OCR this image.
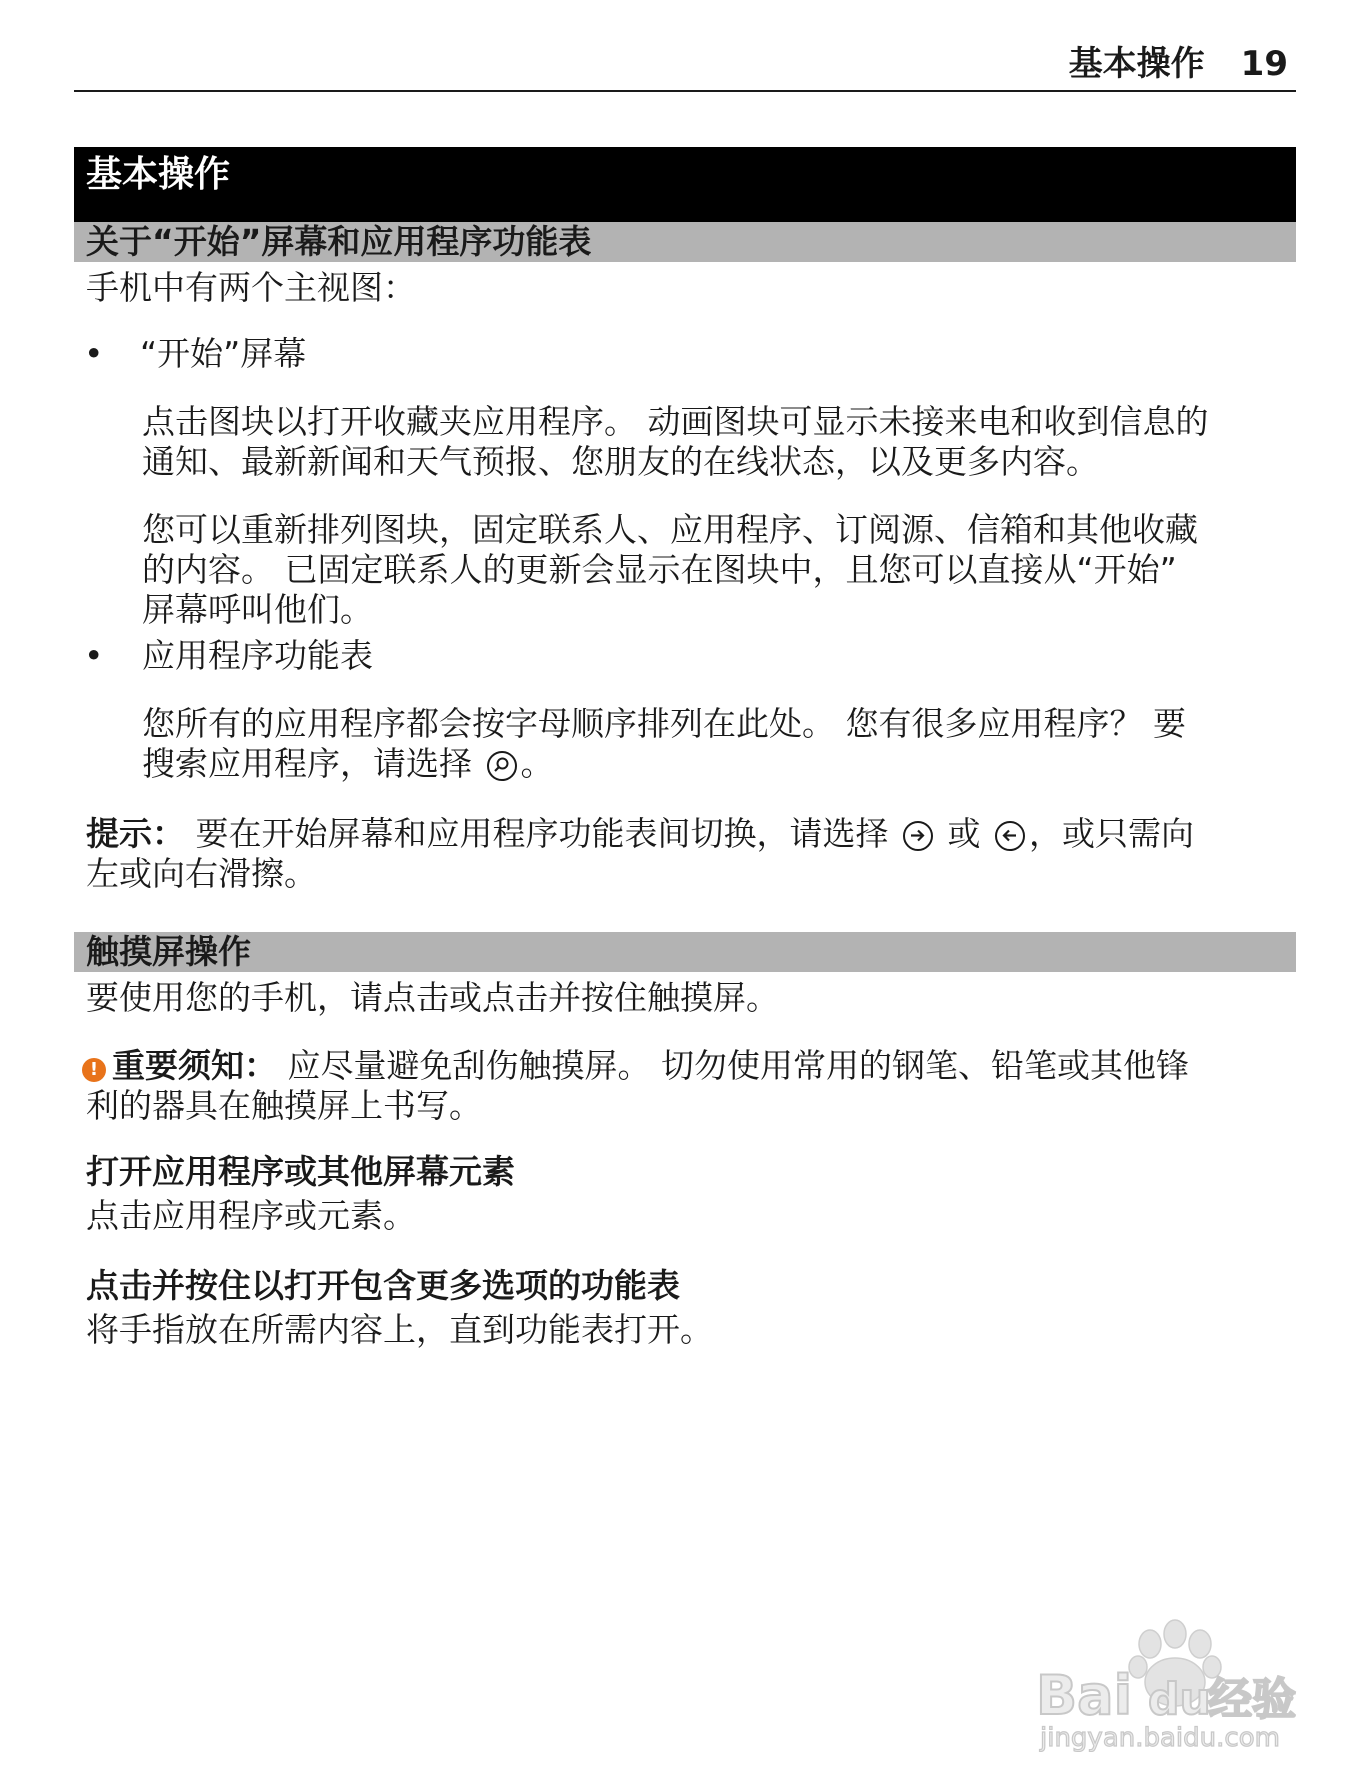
基本操作 19
基本操作
关于“开始”屏幕和应用程序功能表

手机中有两个主视图：

• “开始”屏幕

点击图块以打开收藏夹应用程序。 动画图块可显示未接来电和收到信息的

通知、最新新闻和天气预报、您朋友的在线状态，以及更多内容。

您可以重新排列图块，固定联系人、应用程序、订阅源、信箱和其他收藏

的内容。 已固定联系人的更新会显示在图块中，且您可以直接从“开始”

屏幕呼叫他们。

• 应用程序功能表

您所有的应用程序都会按字母顺序排列在此处。 您有很多应用程序？ 要

搜索应用程序，请选择
。

提示： 要在开始屏幕和应用程序功能表间切换，请选择
或
，或只需向

左或向右滑擦。

触摸屏操作

要使用您的手机，请点击或点击并按住触摸屏。

! 重要须知： 应尽量避免刮伤触摸屏。 切勿使用常用的钢笔、铅笔或其他锋

利的器具在触摸屏上书写。

打开应用程序或其他屏幕元素

点击应用程序或元素。

点击并按住以打开包含更多选项的功能表

将手指放在所需内容上，直到功能表打开。

Bai du
经验
jingyan.baidu.com
